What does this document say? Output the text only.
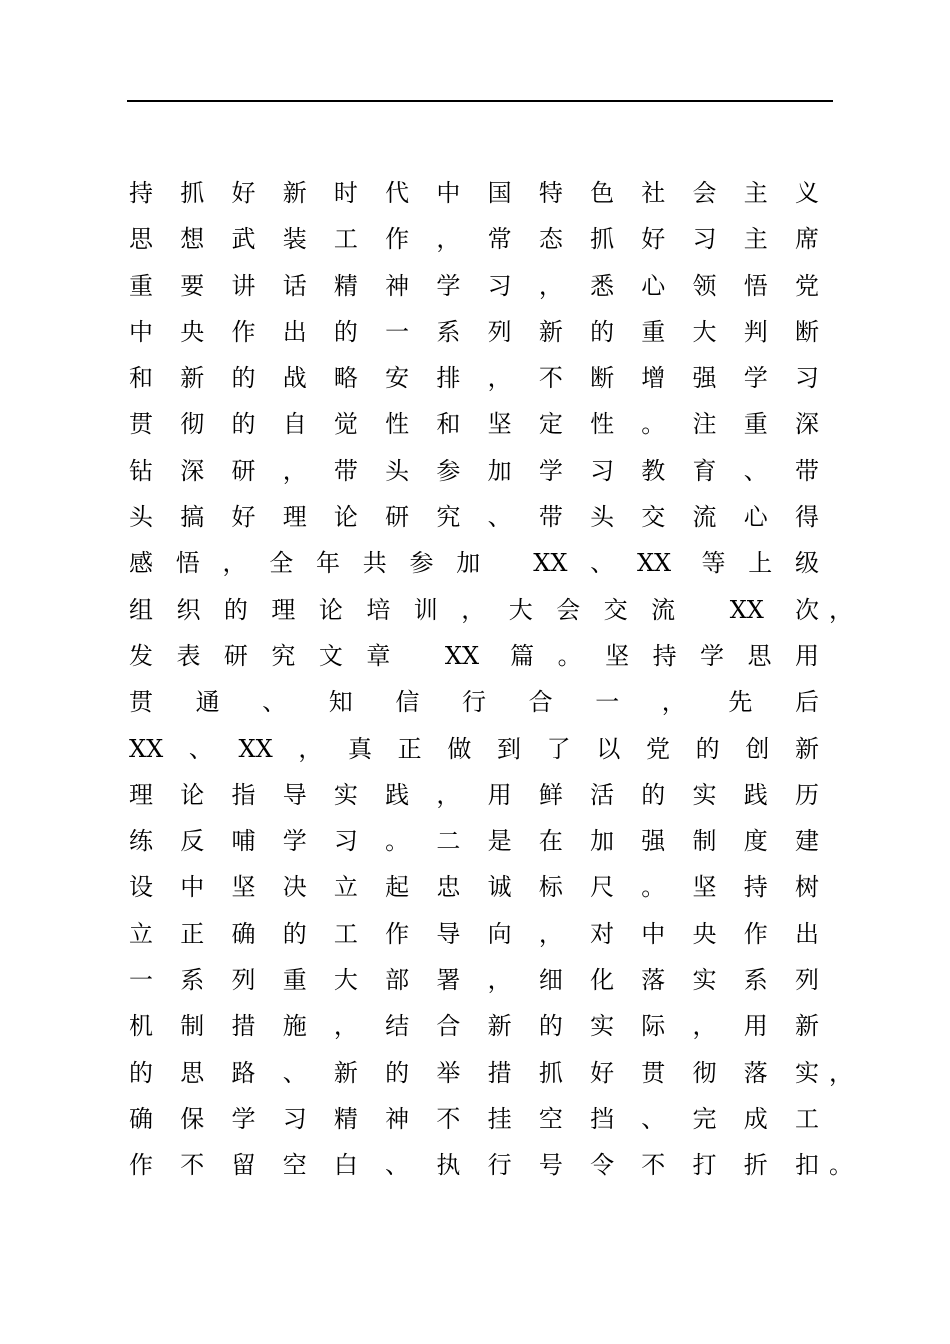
持抓好新时代中国特色社会主义
思想武装工作，常态抓好习主席
重要讲话精神学习，悉心领悟党
中央作出的一系列新的重大判断
和新的战略安排，不断增强学习
贯彻的自觉性和坚定性。注重深
钻深研，带头参加学习教育、带
头搞好理论研究、带头交流心得
感悟，全年共参加 XX、XX 等上级
组织的理论培训，大会交流 XX 次 ，
发表研究文章 XX 篇。坚持学思用
贯通、知信行合一，先后
XX、XX，真正做到了以党的创新
理论指导实践，用鲜活的实践历
练反哺学习。二是在加强制度建
设中坚决立起忠诚标尺。坚持树
立正确的工作导向，对中央作出
一系列重大部署，细化落实系列
机制措施，结合新的实际，用新
的思路、新的举措抓好贯彻落实 ，
确保学习精神不挂空挡、完成工
作不留空白、执行号令不打折扣 。
